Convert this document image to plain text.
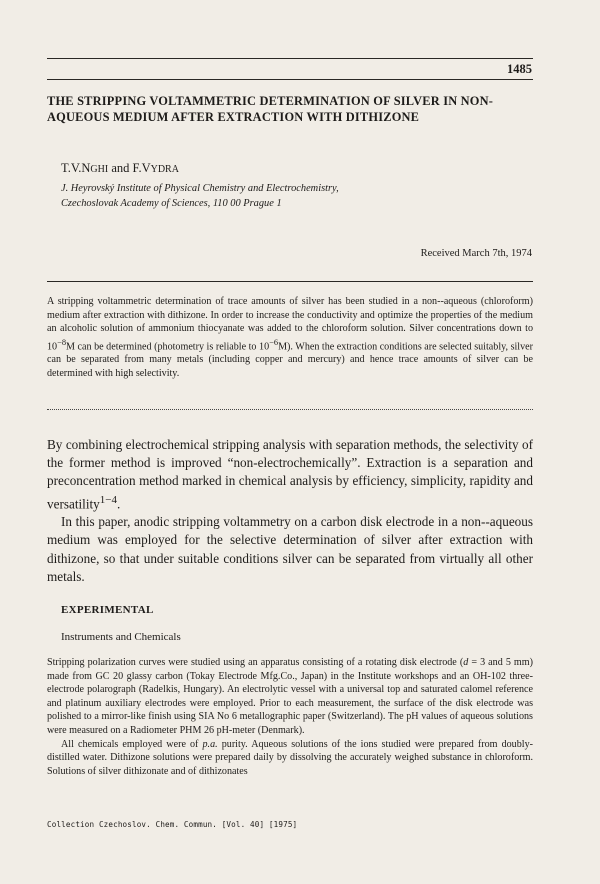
1485
THE STRIPPING VOLTAMMETRIC DETERMINATION OF SILVER IN NON-AQUEOUS MEDIUM AFTER EXTRACTION WITH DITHIZONE
T.V.NGHI and F.VYDRA
J. Heyrovský Institute of Physical Chemistry and Electrochemistry,
Czechoslovak Academy of Sciences, 110 00 Prague 1
Received March 7th, 1974
A stripping voltammetric determination of trace amounts of silver has been studied in a non--aqueous (chloroform) medium after extraction with dithizone. In order to increase the conductivity and optimize the properties of the medium an alcoholic solution of ammonium thiocyanate was added to the chloroform solution. Silver concentrations down to $10^{-8}M$ can be determined (photometry is reliable to $10^{-6}M$). When the extraction conditions are selected suitably, silver can be separated from many metals (including copper and mercury) and hence trace amounts of silver can be determined with high selectivity.

By combining electrochemical stripping analysis with separation methods, the selectivity of the former method is improved “non-electrochemically”. Extraction is a separation and preconcentration method marked in chemical analysis by efficiency, simplicity, rapidity and versatility$^{1-4}$.

In this paper, anodic stripping voltammetry on a carbon disk electrode in a non--aqueous medium was employed for the selective determination of silver after extraction with dithizone, so that under suitable conditions silver can be separated from virtually all other metals.

EXPERIMENTAL
Instruments and Chemicals

Stripping polarization curves were studied using an apparatus consisting of a rotating disk electrode (d = 3 and 5 mm) made from GC 20 glassy carbon (Tokay Electrode Mfg.Co., Japan) in the Institute workshops and an OH-102 three-electrode polarograph (Radelkis, Hungary). An electrolytic vessel with a universal top and saturated calomel reference and platinum auxiliary electrodes were employed. Prior to each measurement, the surface of the disk electrode was polished to a mirror-like finish using SIA No 6 metallographic paper (Switzerland). The pH values of aqueous solutions were measured on a Radiometer PHM 26 pH-meter (Denmark).

All chemicals employed were of p.a. purity. Aqueous solutions of the ions studied were prepared from doubly-distilled water. Dithizone solutions were prepared daily by dissolving the accurately weighed substance in chloroform. Solutions of silver dithizonate and of dithizonates

Collection Czechoslov. Chem. Commun. [Vol. 40] [1975]
